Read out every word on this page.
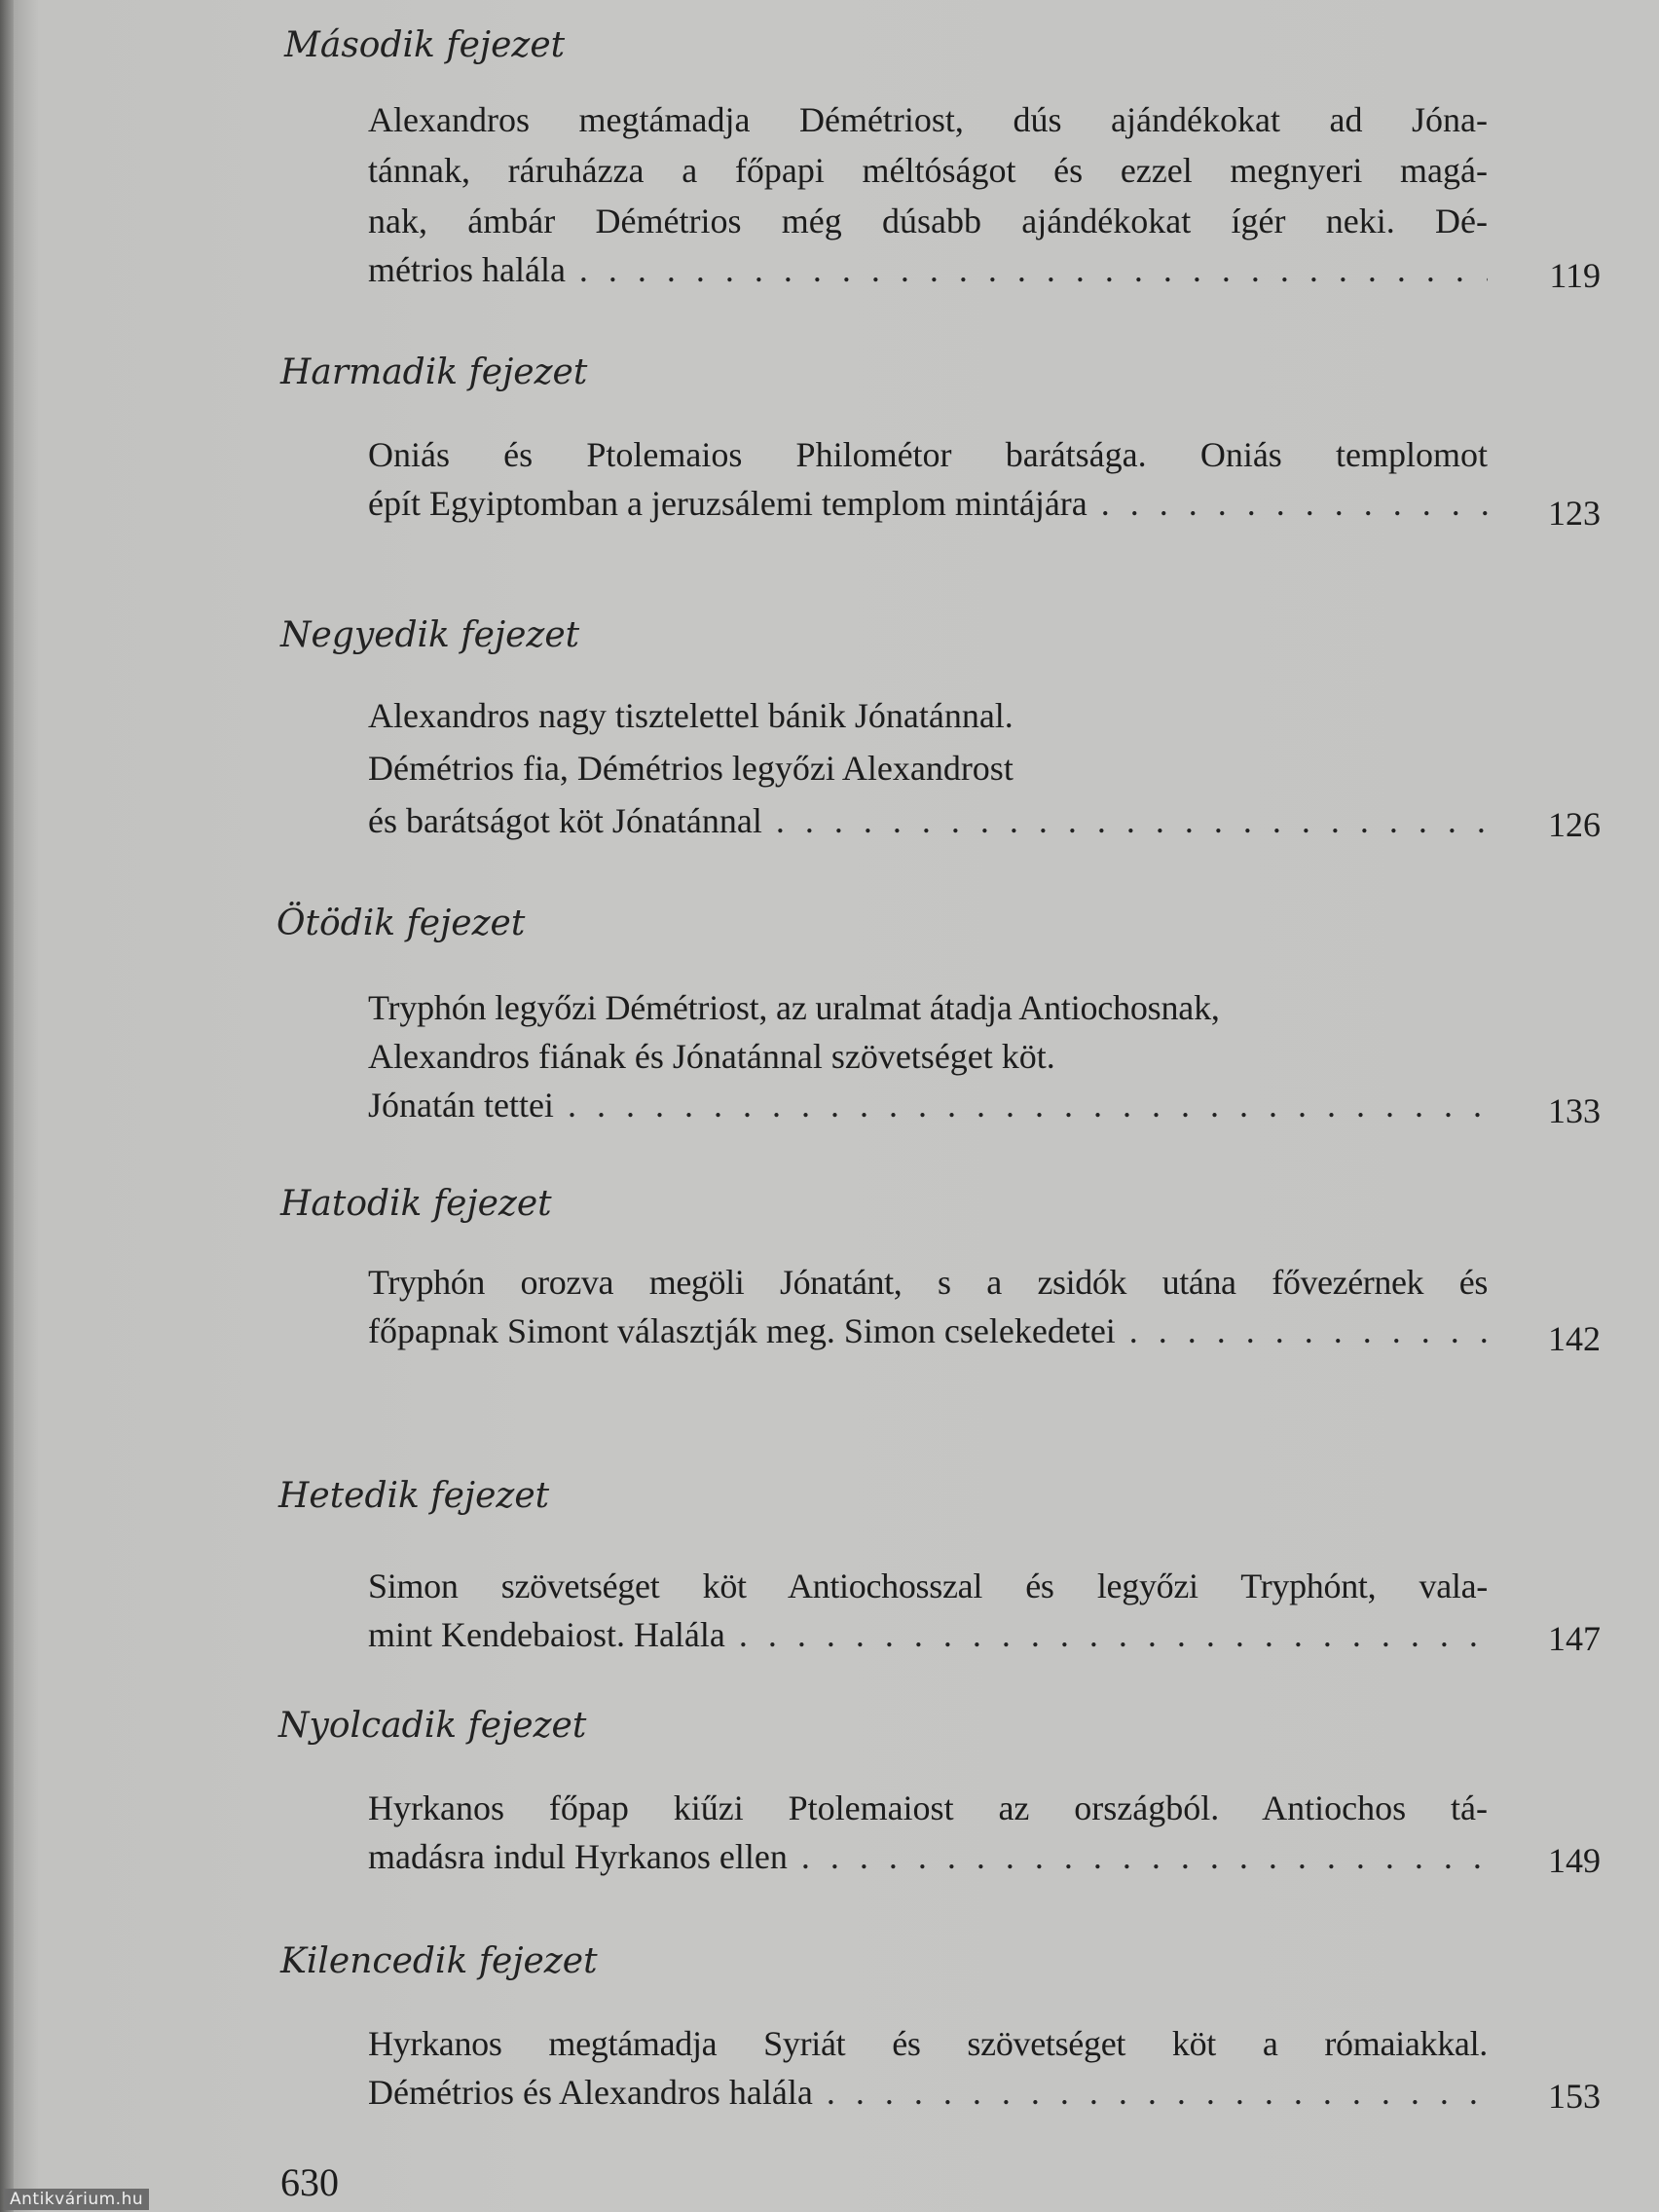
Második fejezet
Alexandros megtámadja Démétriost, dús ajándékokat ad Jóna-
tánnak, ráruházza a főpapi méltóságot és ezzel megnyeri magá-
nak, ámbár Démétrios még dúsabb ajándékokat ígér neki. Dé-
métrios halála . . .	119
Harmadik fejezet
Oniás és Ptolemaios Philométor barátsága. Oniás templomot
épít Egyiptomban a jeruzsálemi templom mintájára . . .	123
Negyedik fejezet
Alexandros nagy tisztelettel bánik Jónatánnal.
Démétrios fia, Démétrios legyőzi Alexandrost
és barátságot köt Jónatánnal . . .	126
Ötödik fejezet
Tryphón legyőzi Démétriost, az uralmat átadja Antiochosnak,
Alexandros fiának és Jónatánnal szövetséget köt.
Jónatán tettei . . .	133
Hatodik fejezet
Tryphón orozva megöli Jónatánt, s a zsidók utána fővezérnek és
főpapnak Simont választják meg. Simon cselekedetei . . .	142
Hetedik fejezet
Simon szövetséget köt Antiochosszal és legyőzi Tryphónt, vala-
mint Kendebaiost. Halála . . .	147
Nyolcadik fejezet
Hyrkanos főpap kiűzi Ptolemaiost az országból. Antiochos tá-
madásra indul Hyrkanos ellen . . .	149
Kilencedik fejezet
Hyrkanos megtámadja Syriát és szövetséget köt a rómaiakkal.
Démétrios és Alexandros halála . . .	153
630
Antikvárium.hu
